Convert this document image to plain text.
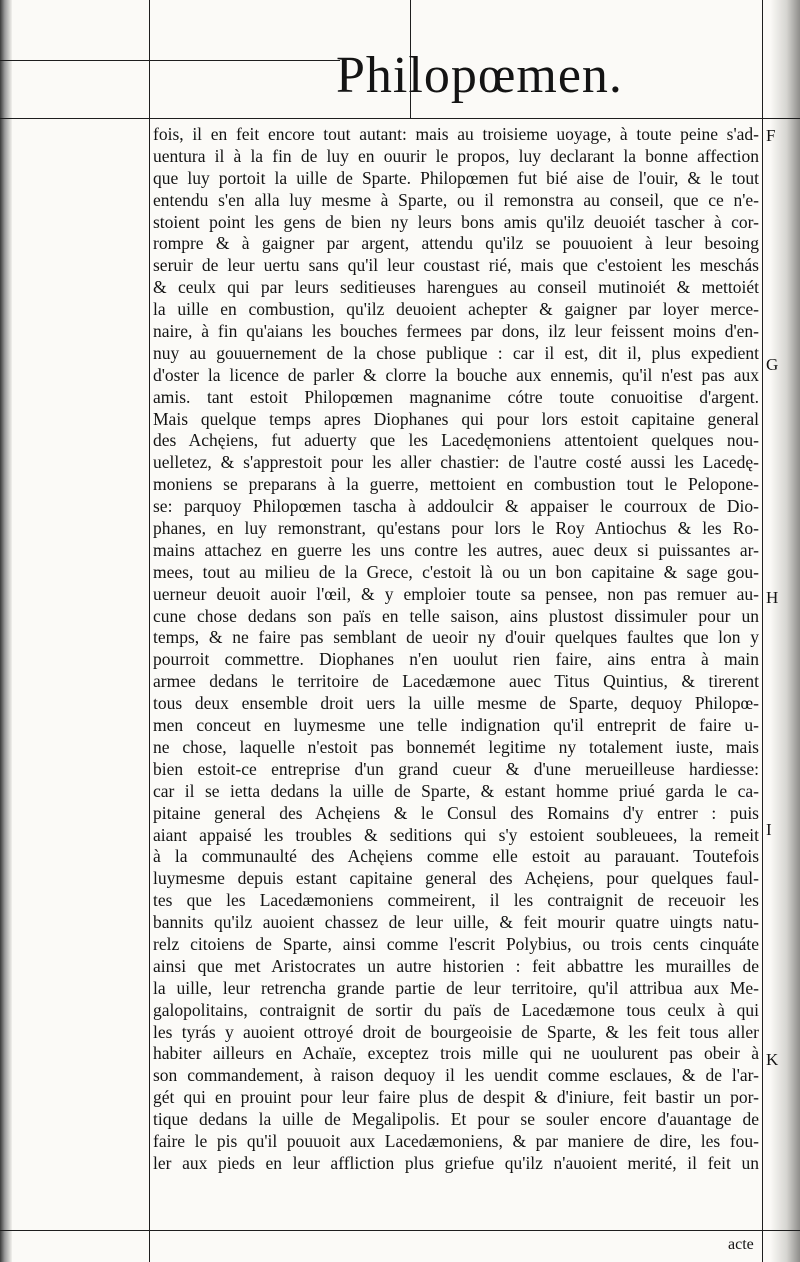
Philopœmen.
fois, il en feit encore tout autant: mais au troisieme uoyage, à toute peine s'ad-
uentura il à la fin de luy en ouurir le propos, luy declarant la bonne affection
que luy portoit la uille de Sparte. Philopœmen fut bié aise de l'ouir, & le tout
entendu s'en alla luy mesme à Sparte, ou il remonstra au conseil, que ce n'e-
stoient point les gens de bien ny leurs bons amis qu'ilz deuoiét tascher à cor-
rompre & à gaigner par argent, attendu qu'ilz se pouuoient à leur besoing
seruir de leur uertu sans qu'il leur coustast rié, mais que c'estoient les meschás
& ceulx qui par leurs seditieuses harengues au conseil mutinoiét & mettoiét
la uille en combustion, qu'ilz deuoient achepter & gaigner par loyer merce-
naire, à fin qu'aians les bouches fermees par dons, ilz leur feissent moins d'en-
nuy au gouuernement de la chose publique : car il est, dit il, plus expedient
d'oster la licence de parler & clorre la bouche aux ennemis, qu'il n'est pas aux
amis. tant estoit Philopœmen magnanime cótre toute conuoitise d'argent.
Mais quelque temps apres Diophanes qui pour lors estoit capitaine general
des Achęiens, fut aduerty que les Lacedęmoniens attentoient quelques nou-
uelletez, & s'apprestoit pour les aller chastier: de l'autre costé aussi les Lacedę-
moniens se preparans à la guerre, mettoient en combustion tout le Pelopone-
se: parquoy Philopœmen tascha à addoulcir & appaiser le courroux de Dio-
phanes, en luy remonstrant, qu'estans pour lors le Roy Antiochus & les Ro-
mains attachez en guerre les uns contre les autres, auec deux si puissantes ar-
mees, tout au milieu de la Grece, c'estoit là ou un bon capitaine & sage gou-
uerneur deuoit auoir l'œil, & y emploier toute sa pensee, non pas remuer au-
cune chose dedans son païs en telle saison, ains plustost dissimuler pour un
temps, & ne faire pas semblant de ueoir ny d'ouir quelques faultes que lon y
pourroit commettre. Diophanes n'en uoulut rien faire, ains entra à main
armee dedans le territoire de Lacedæmone auec Titus Quintius, & tirerent
tous deux ensemble droit uers la uille mesme de Sparte, dequoy Philopœ-
men conceut en luymesme une telle indignation qu'il entreprit de faire u-
ne chose, laquelle n'estoit pas bonnemét legitime ny totalement iuste, mais
bien estoit-ce entreprise d'un grand cueur & d'une merueilleuse hardiesse:
car il se ietta dedans la uille de Sparte, & estant homme priué garda le ca-
pitaine general des Achęiens & le Consul des Romains d'y entrer : puis
aiant appaisé les troubles & seditions qui s'y estoient soubleuees, la remeit
à la communaulté des Achęiens comme elle estoit au parauant. Toutefois
luymesme depuis estant capitaine general des Achęiens, pour quelques faul-
tes que les Lacedæmoniens commeirent, il les contraignit de receuoir les
bannits qu'ilz auoient chassez de leur uille, & feit mourir quatre uingts natu-
relz citoiens de Sparte, ainsi comme l'escrit Polybius, ou trois cents cinquáte
ainsi que met Aristocrates un autre historien : feit abbattre les murailles de
la uille, leur retrencha grande partie de leur territoire, qu'il attribua aux Me-
galopolitains, contraignit de sortir du païs de Lacedæmone tous ceulx à qui
les tyrás y auoient ottroyé droit de bourgeoisie de Sparte, & les feit tous aller
habiter ailleurs en Achaïe, exceptez trois mille qui ne uoulurent pas obeir à
son commandement, à raison dequoy il les uendit comme esclaues, & de l'ar-
gét qui en prouint pour leur faire plus de despit & d'iniure, feit bastir un por-
tique dedans la uille de Megalipolis. Et pour se souler encore d'auantage de
faire le pis qu'il pouuoit aux Lacedæmoniens, & par maniere de dire, les fou-
ler aux pieds en leur affliction plus griefue qu'ilz n'auoient merité, il feit un
F
G
H
I
K
acte
